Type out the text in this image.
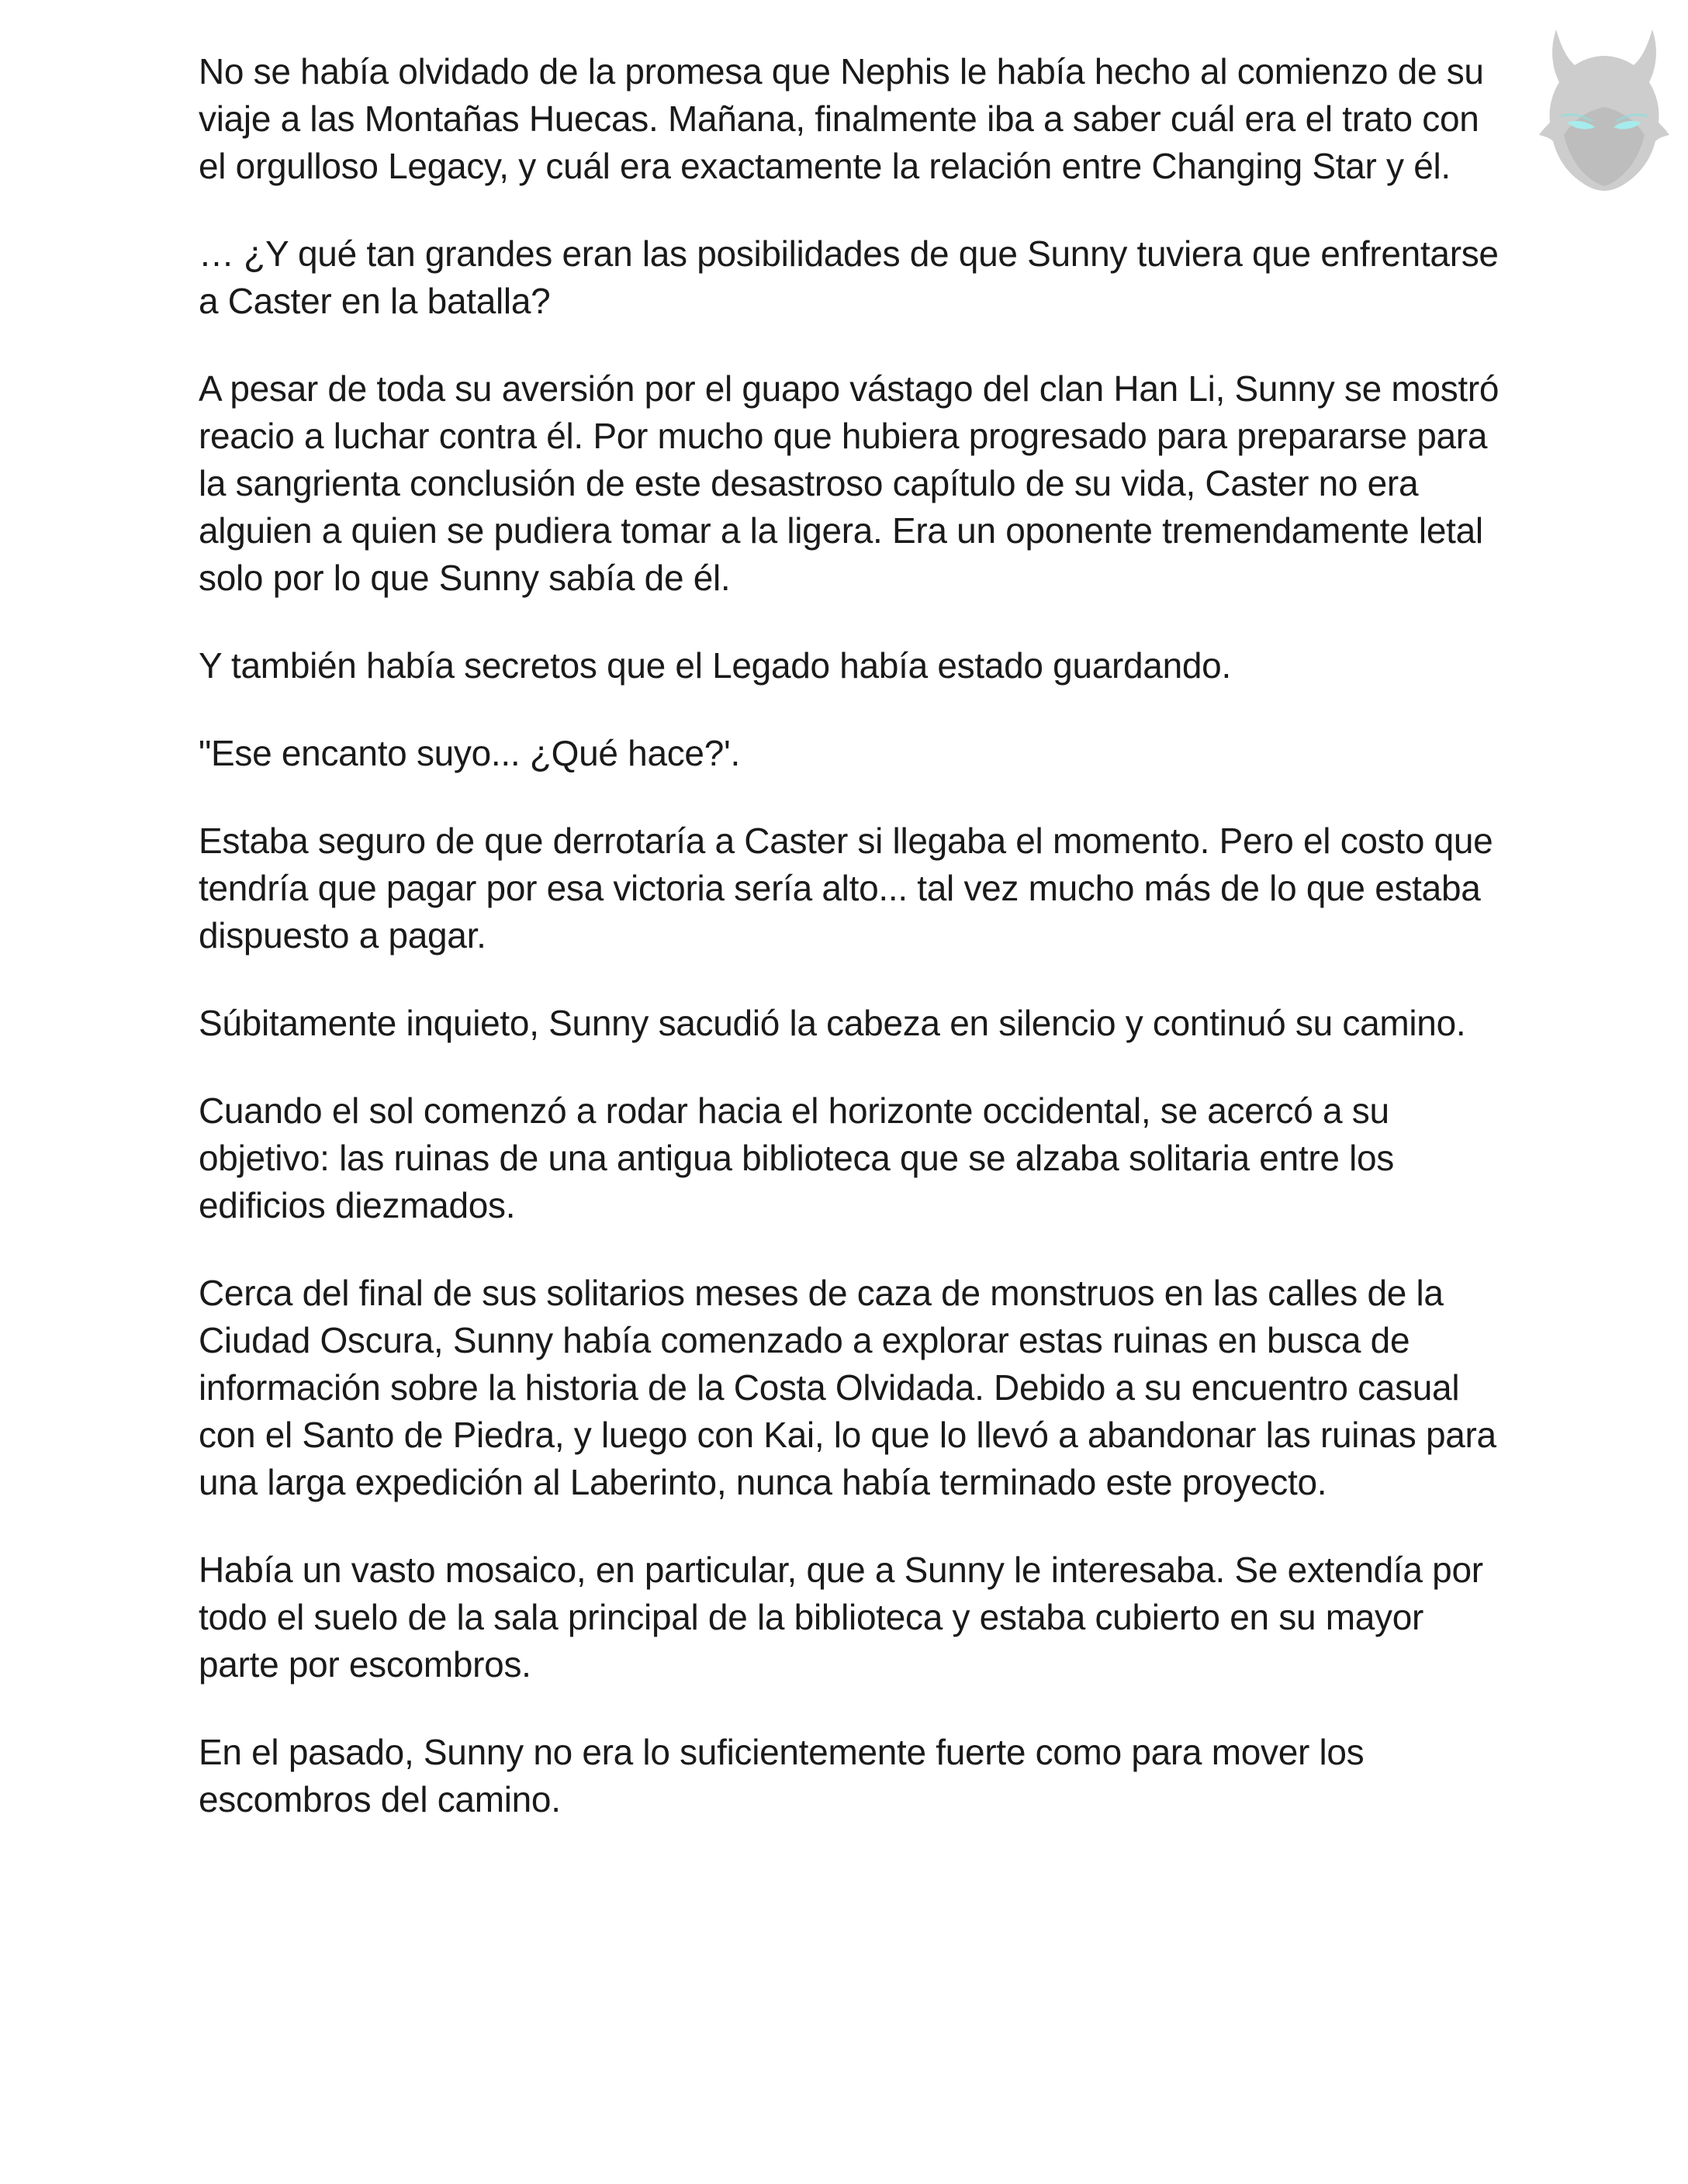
No se había olvidado de la promesa que Nephis le había hecho al comienzo de su viaje a las Montañas Huecas. Mañana, finalmente iba a saber cuál era el trato con el orgulloso Legacy, y cuál era exactamente la relación entre Changing Star y él.

… ¿Y qué tan grandes eran las posibilidades de que Sunny tuviera que enfrentarse a Caster en la batalla?

A pesar de toda su aversión por el guapo vástago del clan Han Li, Sunny se mostró reacio a luchar contra él. Por mucho que hubiera progresado para prepararse para la sangrienta conclusión de este desastroso capítulo de su vida, Caster no era alguien a quien se pudiera tomar a la ligera. Era un oponente tremendamente letal solo por lo que Sunny sabía de él.

Y también había secretos que el Legado había estado guardando.

"Ese encanto suyo... ¿Qué hace?'.

Estaba seguro de que derrotaría a Caster si llegaba el momento. Pero el costo que tendría que pagar por esa victoria sería alto... tal vez mucho más de lo que estaba dispuesto a pagar.

Súbitamente inquieto, Sunny sacudió la cabeza en silencio y continuó su camino.

Cuando el sol comenzó a rodar hacia el horizonte occidental, se acercó a su objetivo: las ruinas de una antigua biblioteca que se alzaba solitaria entre los edificios diezmados.

Cerca del final de sus solitarios meses de caza de monstruos en las calles de la Ciudad Oscura, Sunny había comenzado a explorar estas ruinas en busca de información sobre la historia de la Costa Olvidada. Debido a su encuentro casual con el Santo de Piedra, y luego con Kai, lo que lo llevó a abandonar las ruinas para una larga expedición al Laberinto, nunca había terminado este proyecto.

Había un vasto mosaico, en particular, que a Sunny le interesaba. Se extendía por todo el suelo de la sala principal de la biblioteca y estaba cubierto en su mayor parte por escombros.

En el pasado, Sunny no era lo suficientemente fuerte como para mover los escombros del camino.
